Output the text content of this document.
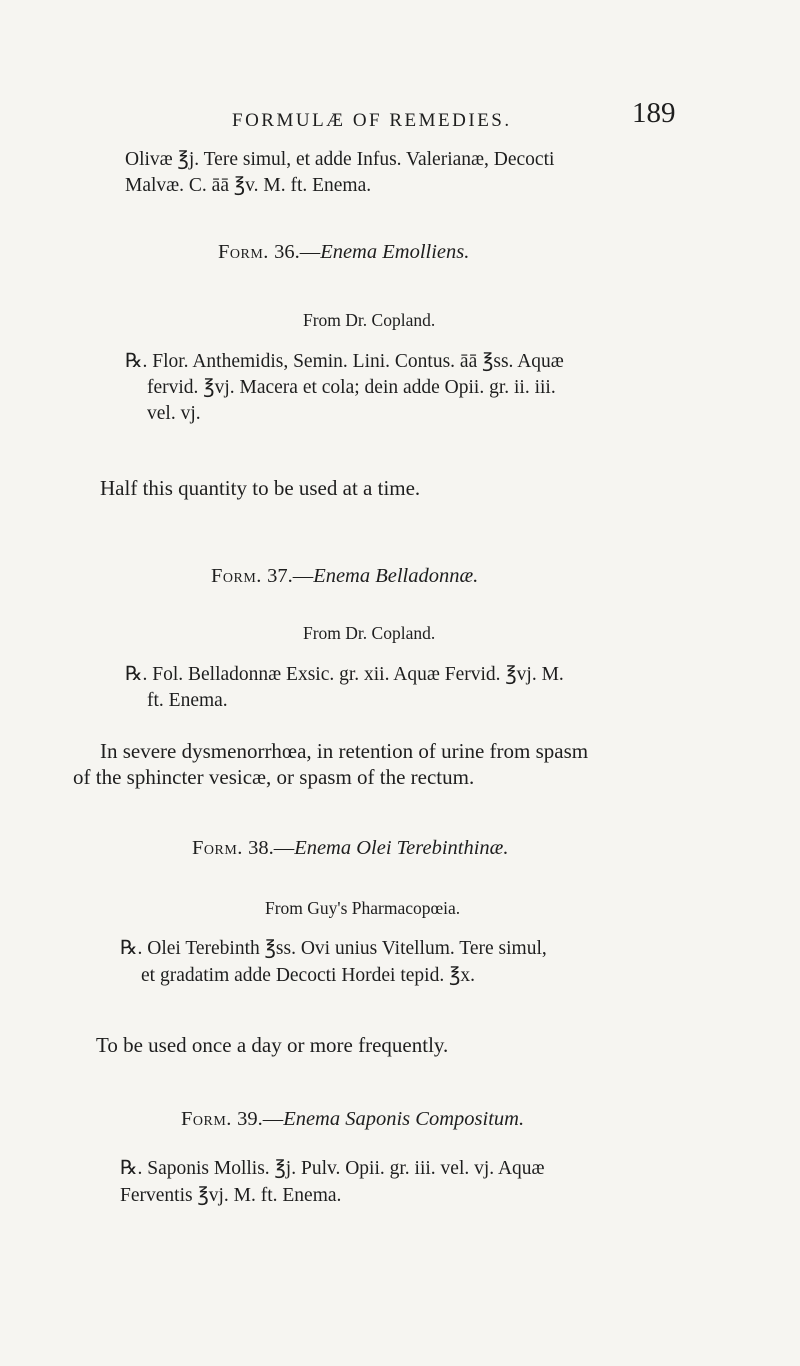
FORMULÆ OF REMEDIES.	189
Olivæ ℥j. Tere simul, et adde Infus. Valerianæ, Decocti
Malvæ. C. āā ℥v. M. ft. Enema.
Form. 36.—Enema Emolliens.
From Dr. Copland.
℞. Flor. Anthemidis, Semin. Lini. Contus. āā ℥ss. Aquæ
fervid. ℥vj. Macera et cola; dein adde Opii. gr. ii. iii.
vel. vj.
Half this quantity to be used at a time.
Form. 37.—Enema Belladonnæ.
From Dr. Copland.
℞. Fol. Belladonnæ Exsic. gr. xii. Aquæ Fervid. ℥vj. M.
ft. Enema.
In severe dysmenorrhœa, in retention of urine from spasm
of the sphincter vesicæ, or spasm of the rectum.
Form. 38.—Enema Olei Terebinthinæ.
From Guy's Pharmacopœia.
℞. Olei Terebinth ℥ss. Ovi unius Vitellum. Tere simul,
et gradatim adde Decocti Hordei tepid. ℥x.
To be used once a day or more frequently.
Form. 39.—Enema Saponis Compositum.
℞. Saponis Mollis. ℥j. Pulv. Opii. gr. iii. vel. vj. Aquæ
Ferventis ℥vj. M. ft. Enema.
